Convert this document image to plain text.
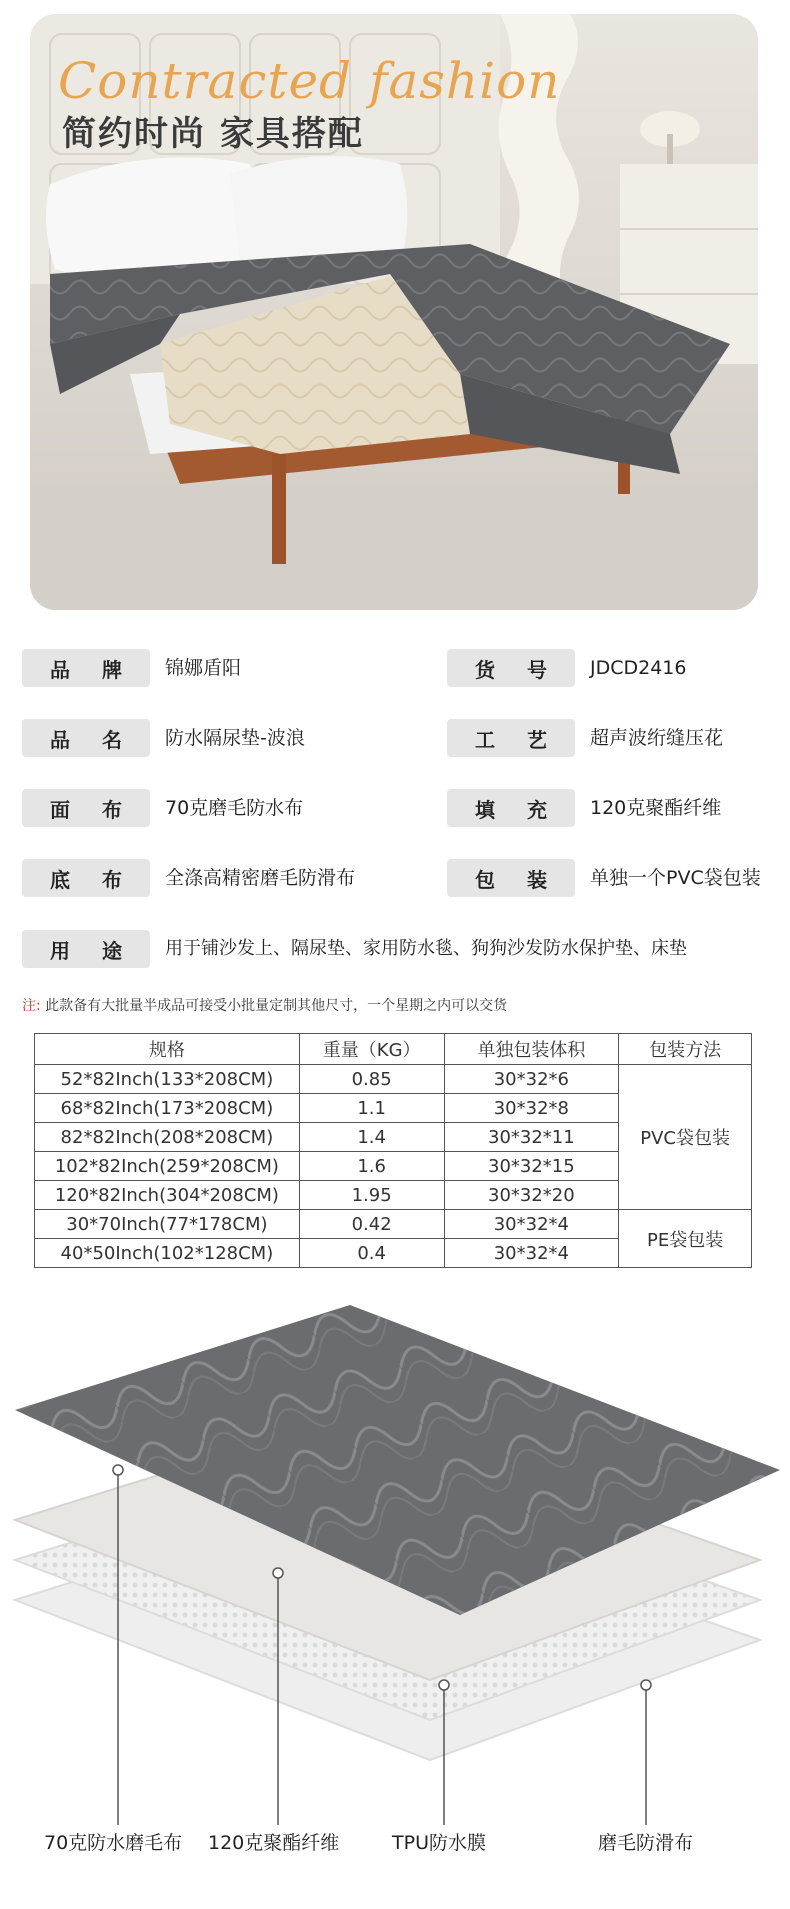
Contracted fashion
简约时尚 家具搭配
品牌 锦娜盾阳	货号 JDCD2416
品名 防水隔尿垫-波浪	工艺 超声波绗缝压花
面布 70克磨毛防水布	填充 120克聚酯纤维
底布 全涤高精密磨毛防滑布	包装 单独一个PVC袋包装
用途 用于铺沙发上、隔尿垫、家用防水毯、狗狗沙发防水保护垫、床垫
注: 此款备有大批量半成品可接受小批量定制其他尺寸，一个星期之内可以交货
规格	重量（KG）	单独包装体积	包装方法
52*82Inch(133*208CM)	0.85	30*32*6	PVC袋包装
68*82Inch(173*208CM)	1.1	30*32*8	
82*82Inch(208*208CM)	1.4	30*32*11	
102*82Inch(259*208CM)	1.6	30*32*15	
120*82Inch(304*208CM)	1.95	30*32*20	
30*70Inch(77*178CM)	0.42	30*32*4	PE袋包装
40*50Inch(102*128CM)	0.4	30*32*4	
70克防水磨毛布 120克聚酯纤维	TPU防水膜	磨毛防滑布
